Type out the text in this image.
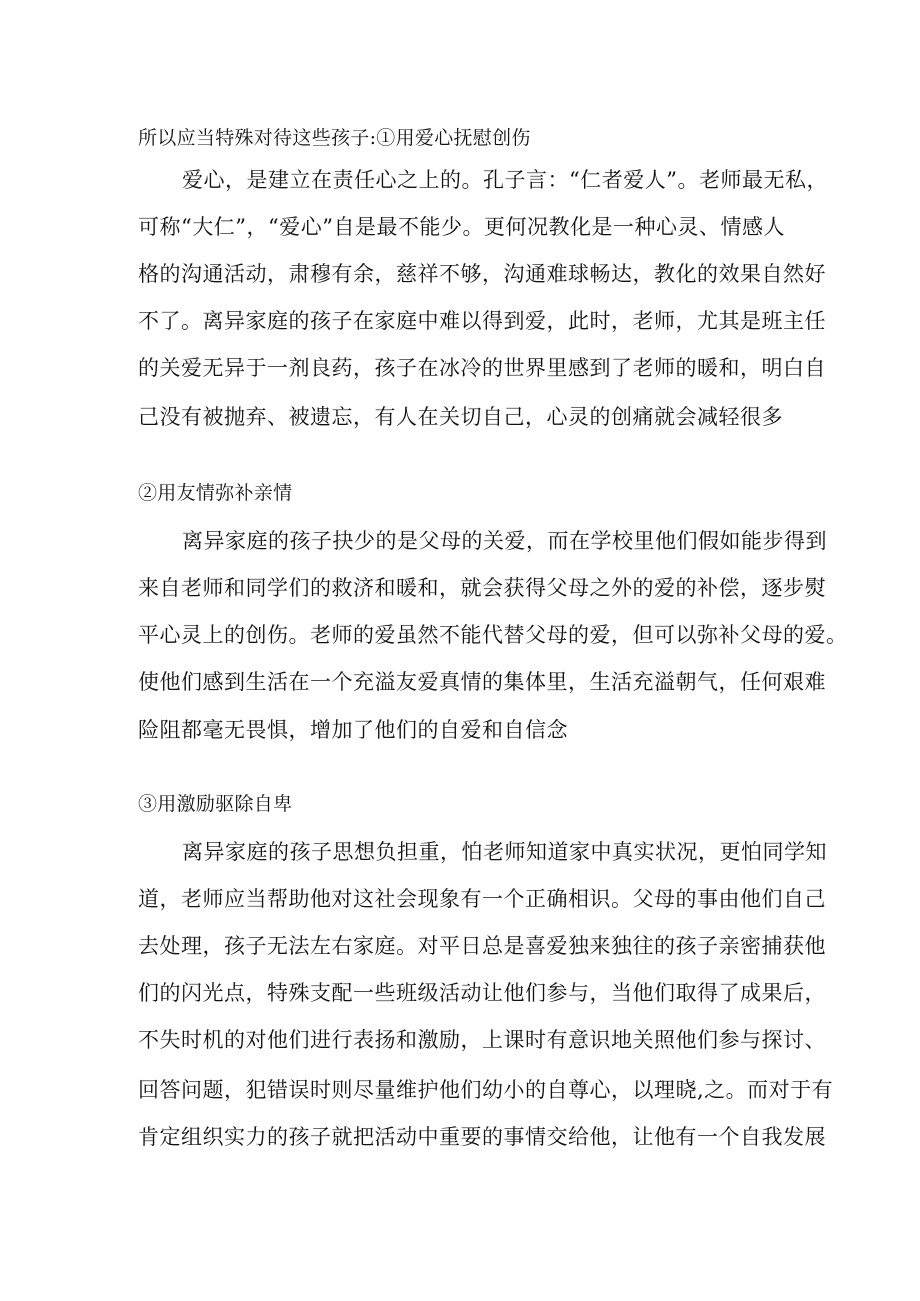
所以应当特殊对待这些孩子:①用爱心抚慰创伤
爱心，是建立在责任心之上的。孔子言：“仁者爱人”。老师最无私，
可称“大仁”，“爱心”自是最不能少。更何况教化是一种心灵、情感人
格的沟通活动，肃穆有余，慈祥不够，沟通难球畅达，教化的效果自然好
不了。离异家庭的孩子在家庭中难以得到爱，此时，老师，尤其是班主任
的关爱无异于一剂良药，孩子在冰冷的世界里感到了老师的暖和，明白自
己没有被抛弃、被遗忘，有人在关切自己，心灵的创痛就会减轻很多
②用友情弥补亲情
离异家庭的孩子抉少的是父母的关爱，而在学校里他们假如能步得到
来自老师和同学们的救济和暖和，就会获得父母之外的爱的补偿，逐步熨
平心灵上的创伤。老师的爱虽然不能代替父母的爱，但可以弥补父母的爱。
使他们感到生活在一个充溢友爱真情的集体里，生活充溢朝气，任何艰难
险阻都毫无畏惧，增加了他们的自爱和自信念
③用激励驱除自卑
离异家庭的孩子思想负担重，怕老师知道家中真实状况，更怕同学知
道，老师应当帮助他对这社会现象有一个正确相识。父母的事由他们自己
去处理，孩子无法左右家庭。对平日总是喜爱独来独往的孩子亲密捕获他
们的闪光点，特殊支配一些班级活动让他们参与，当他们取得了成果后，
不失时机的对他们进行表扬和激励，上课时有意识地关照他们参与探讨、
回答问题，犯错误时则尽量维护他们幼小的自尊心，以理晓,之。而对于有
肯定组织实力的孩子就把活动中重要的事情交给他，让他有一个自我发展
